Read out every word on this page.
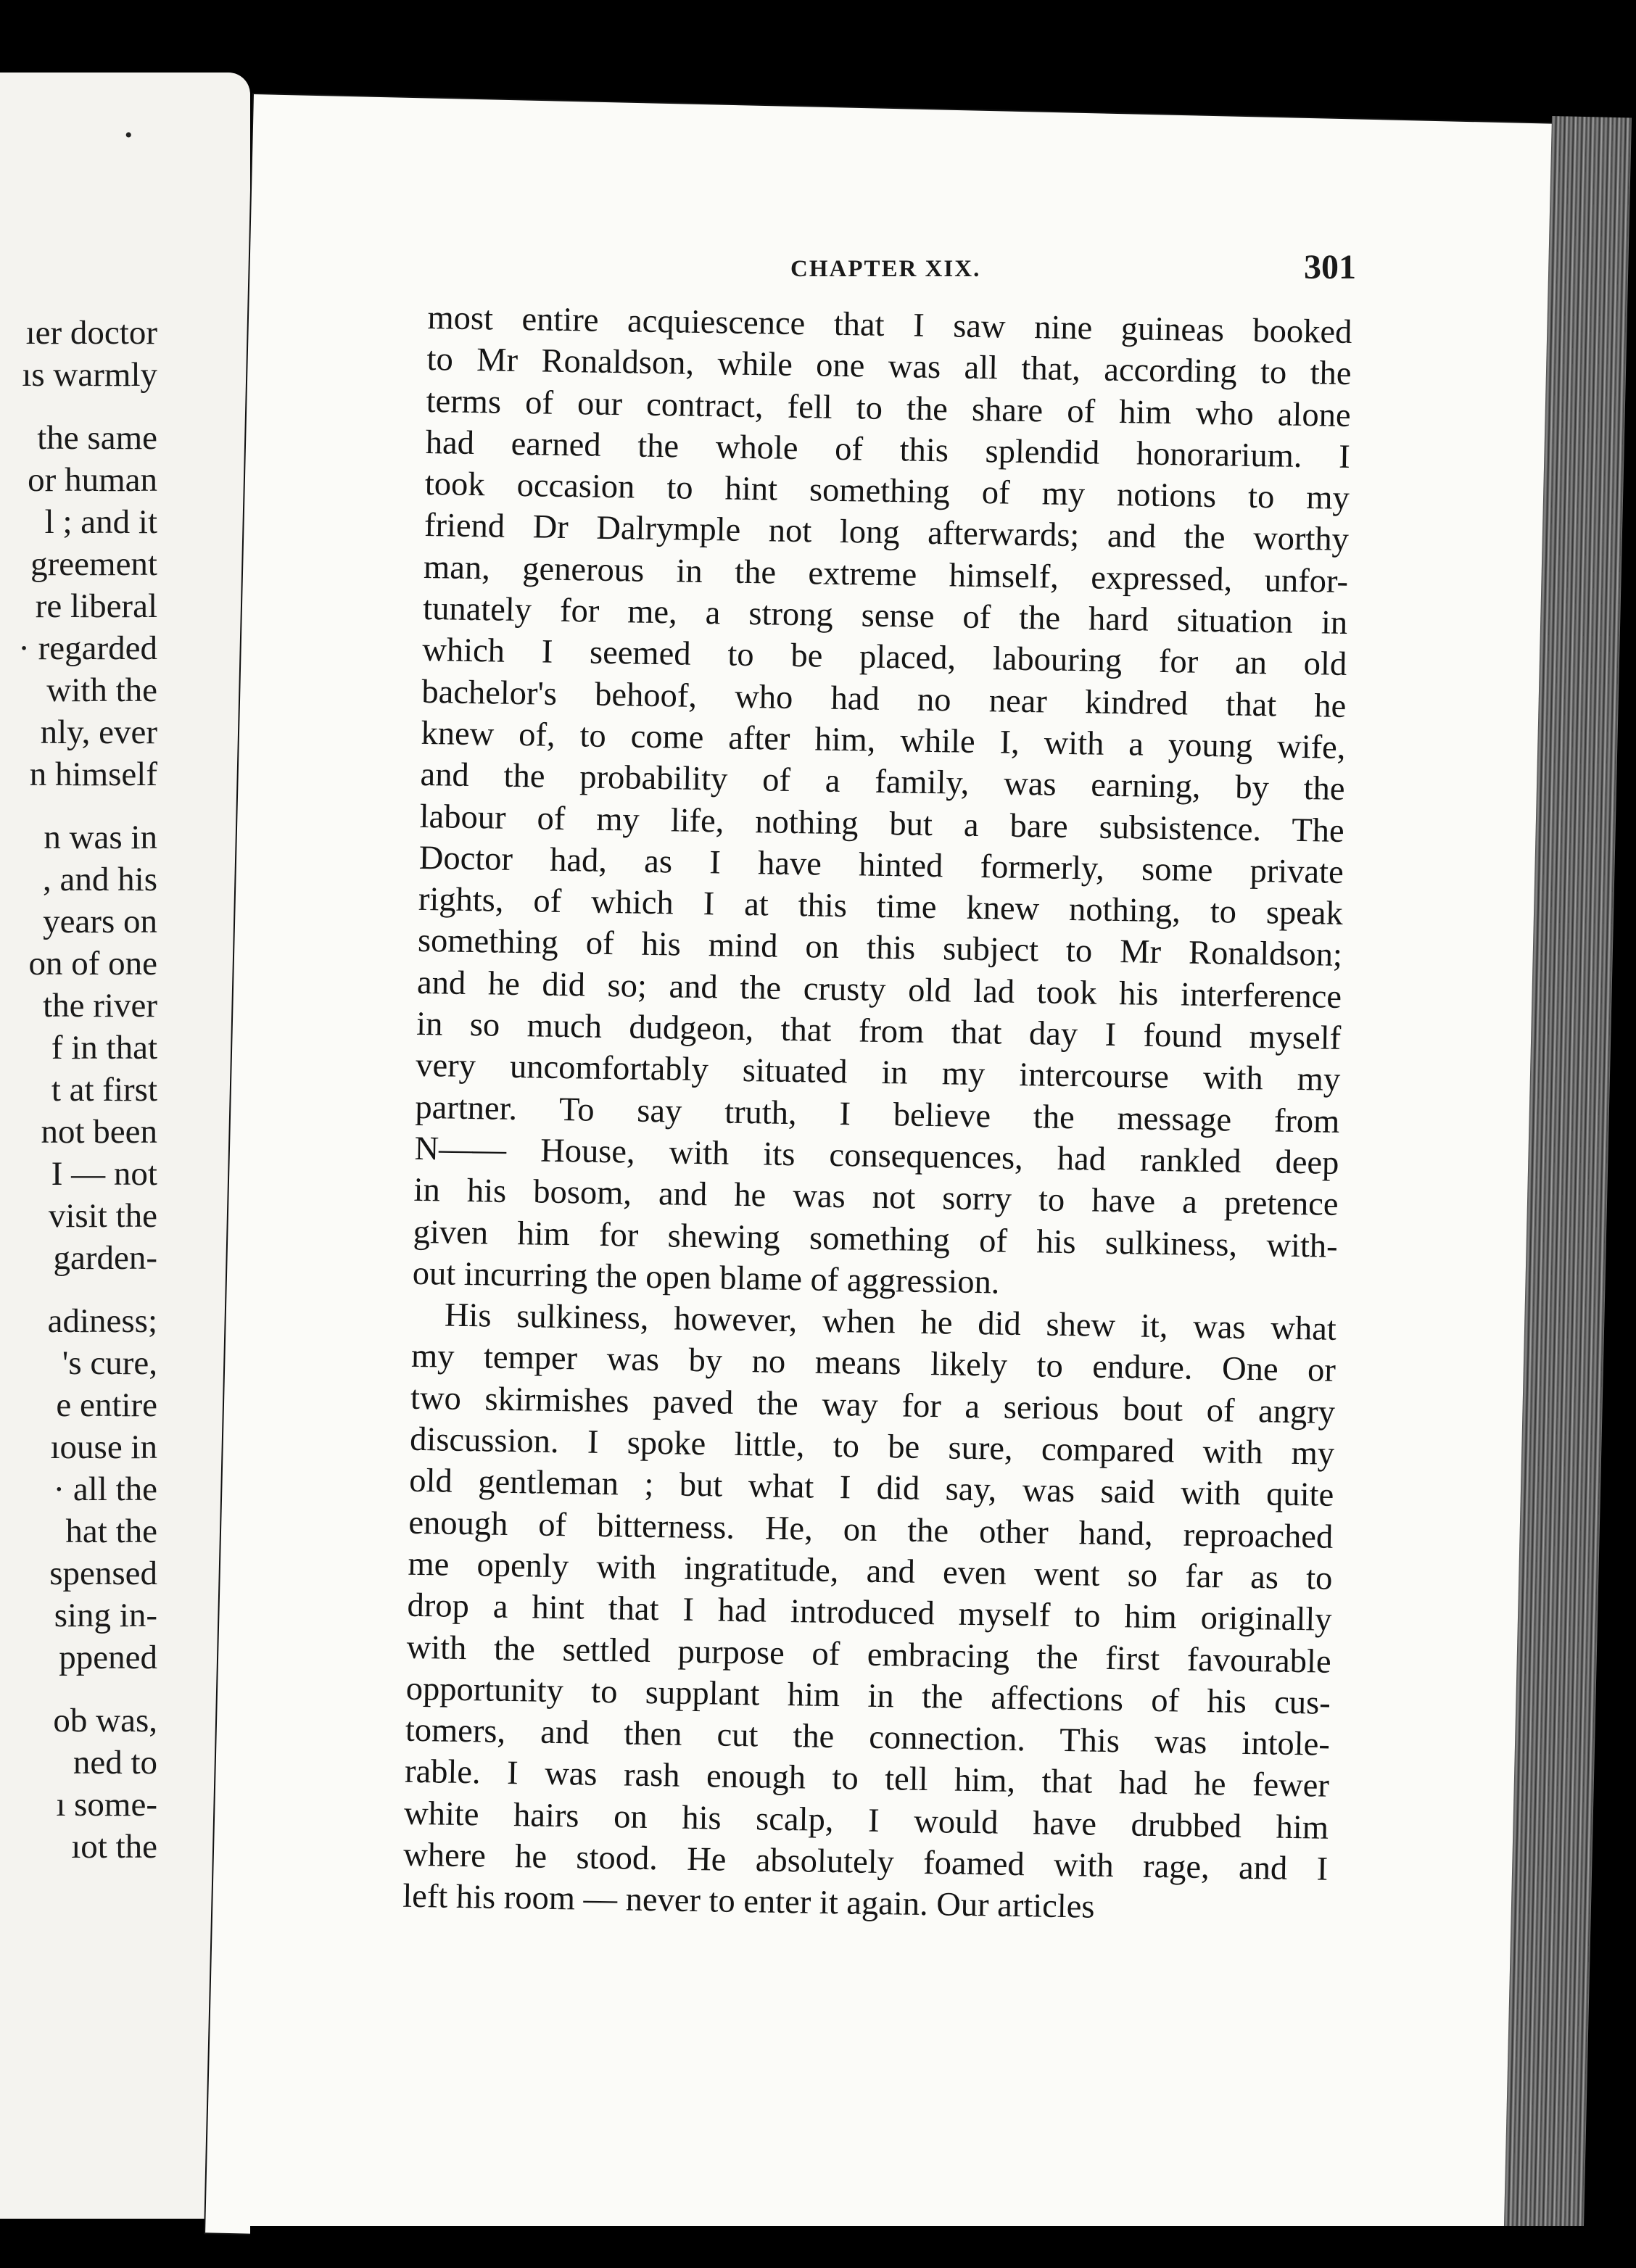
•
ıer doctor
ıs warmly
the same
or human
l ; and it
greement
re liberal
· regarded
with the
nly, ever
n himself
n was in
, and his
years on
on of one
the river
f in that
t at first
not been
I — not
visit the
garden-
adiness;
's cure,
e entire
ıouse in
· all the
hat the
spensed
sing in-
ppened
ob was,
ned to
ı some-
ıot the
CHAPTER XIX.	301
most entire acquiescence that I saw nine guineas booked
to Mr Ronaldson, while one was all that, according to the
terms of our contract, fell to the share of him who alone
had earned the whole of this splendid honorarium. I
took occasion to hint something of my notions to my
friend Dr Dalrymple not long afterwards; and the worthy
man, generous in the extreme himself, expressed, unfor-
tunately for me, a strong sense of the hard situation in
which I seemed to be placed, labouring for an old
bachelor's behoof, who had no near kindred that he
knew of, to come after him, while I, with a young wife,
and the probability of a family, was earning, by the
labour of my life, nothing but a bare subsistence. The
Doctor had, as I have hinted formerly, some private
rights, of which I at this time knew nothing, to speak
something of his mind on this subject to Mr Ronaldson;
and he did so; and the crusty old lad took his interference
in so much dudgeon, that from that day I found myself
very uncomfortably situated in my intercourse with my
partner. To say truth, I believe the message from
N—— House, with its consequences, had rankled deep
in his bosom, and he was not sorry to have a pretence
given him for shewing something of his sulkiness, with-
out incurring the open blame of aggression.
His sulkiness, however, when he did shew it, was what
my temper was by no means likely to endure. One or
two skirmishes paved the way for a serious bout of angry
discussion. I spoke little, to be sure, compared with my
old gentleman ; but what I did say, was said with quite
enough of bitterness. He, on the other hand, reproached
me openly with ingratitude, and even went so far as to
drop a hint that I had introduced myself to him originally
with the settled purpose of embracing the first favourable
opportunity to supplant him in the affections of his cus-
tomers, and then cut the connection. This was intole-
rable. I was rash enough to tell him, that had he fewer
white hairs on his scalp, I would have drubbed him
where he stood. He absolutely foamed with rage, and I
left his room — never to enter it again. Our articles
